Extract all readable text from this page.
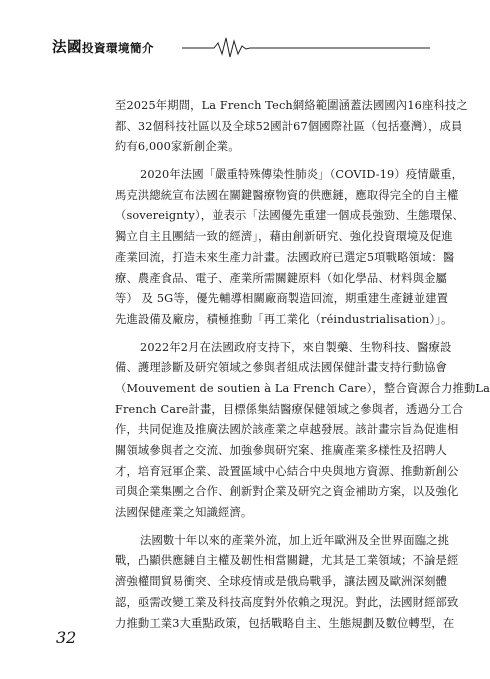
法國投資環境簡介
至2025年期間，La French Tech網絡範圍涵蓋法國國內16座科技之
都、32個科技社區以及全球52國計67個國際社區（包括臺灣），成員
約有6,000家新創企業。
2020年法國「嚴重特殊傳染性肺炎」（COVID-19）疫情嚴重，
馬克洪總統宣布法國在關鍵醫療物資的供應鏈，應取得完全的自主權
（sovereignty），並表示「法國優先重建一個成長強勁、生態環保、
獨立自主且團結一致的經濟」，藉由創新研究、強化投資環境及促進
產業回流，打造未來生產力計畫。法國政府已選定5項戰略領域：醫
療、農產食品、電子、產業所需關鍵原料（如化學品、材料與金屬
等） 及 5G等，優先輔導相關廠商製造回流，期重建生產鏈並建置
先進設備及廠房，積極推動「再工業化（réindustrialisation）」。
2022年2月在法國政府支持下，來自製藥、生物科技、醫療設
備、護理診斷及研究領域之參與者組成法國保健計畫支持行動協會
（Mouvement de soutien à La French Care），整合資源合力推動La
French Care計畫，目標係集結醫療保健領域之參與者，透過分工合
作，共同促進及推廣法國於該產業之卓越發展。該計畫宗旨為促進相
關領域參與者之交流、加強參與研究案、推廣產業多樣性及招聘人
才，培育冠軍企業、設置區域中心結合中央與地方資源、推動新創公
司與企業集團之合作、創新對企業及研究之資金補助方案，以及強化
法國保健產業之知識經濟。
法國數十年以來的產業外流，加上近年歐洲及全世界面臨之挑
戰，凸顯供應鏈自主權及韌性相當關鍵，尤其是工業領域；不論是經
濟強權間貿易衝突、全球疫情或是俄烏戰爭，讓法國及歐洲深刻體
認，亟需改變工業及科技高度對外依賴之現況。對此，法國財經部致
力推動工業3大重點政策，包括戰略自主、生態規劃及數位轉型，在
32
